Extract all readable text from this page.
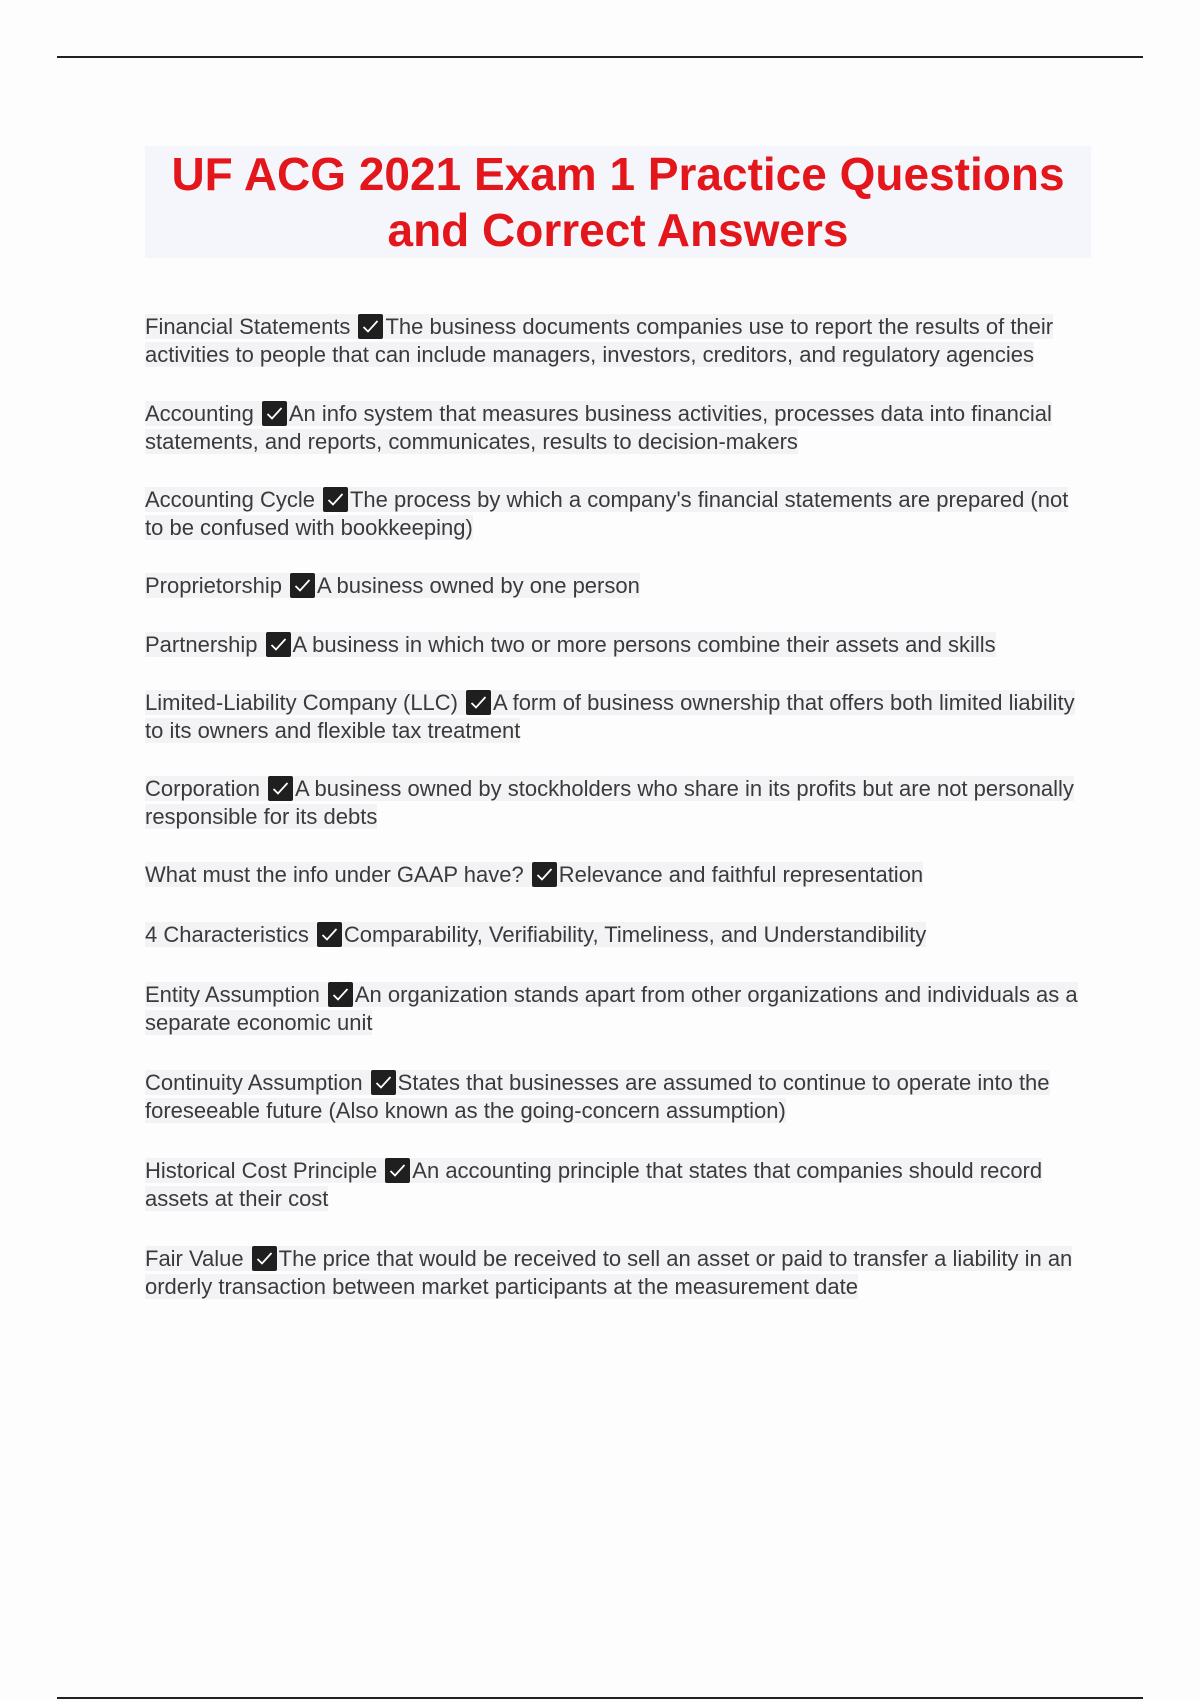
UF ACG 2021 Exam 1 Practice Questions
and Correct Answers

Financial Statements The business documents companies use to report the results of their activities to people that can include managers, investors, creditors, and regulatory agencies

Accounting An info system that measures business activities, processes data into financial statements, and reports, communicates, results to decision-makers

Accounting Cycle The process by which a company's financial statements are prepared (not to be confused with bookkeeping)

Proprietorship A business owned by one person

Partnership A business in which two or more persons combine their assets and skills

Limited-Liability Company (LLC) A form of business ownership that offers both limited liability to its owners and flexible tax treatment

Corporation A business owned by stockholders who share in its profits but are not personally responsible for its debts

What must the info under GAAP have? Relevance and faithful representation

4 Characteristics Comparability, Verifiability, Timeliness, and Understandibility

Entity Assumption An organization stands apart from other organizations and individuals as a separate economic unit

Continuity Assumption States that businesses are assumed to continue to operate into the foreseeable future (Also known as the going-concern assumption)

Historical Cost Principle An accounting principle that states that companies should record assets at their cost

Fair Value The price that would be received to sell an asset or paid to transfer a liability in an orderly transaction between market participants at the measurement date
